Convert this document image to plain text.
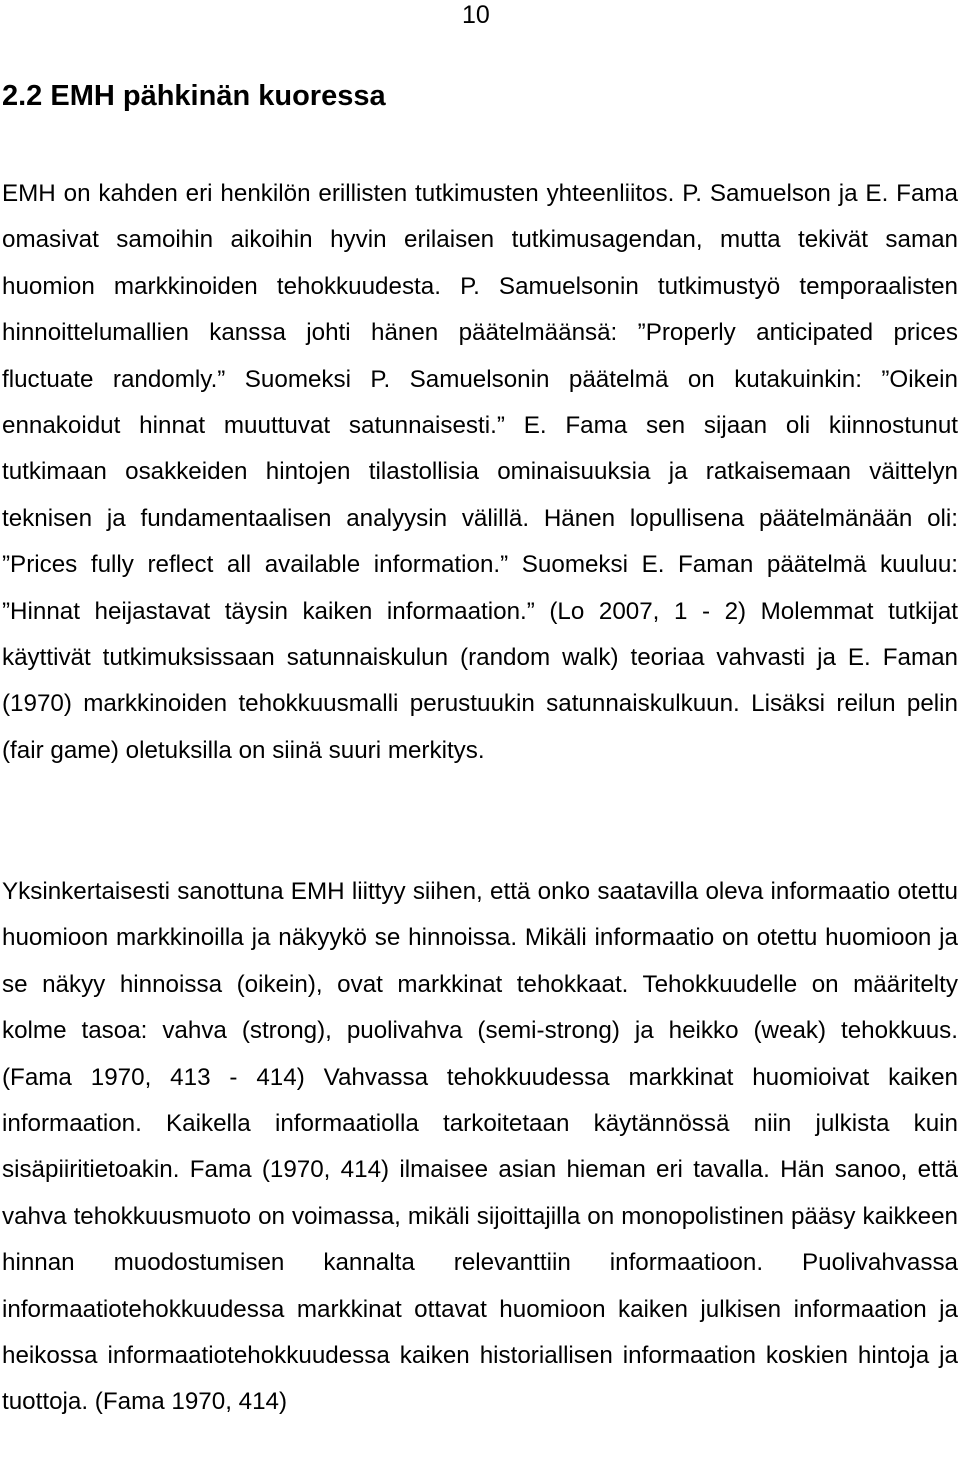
10
2.2 EMH pähkinän kuoressa

EMH on kahden eri henkilön erillisten tutkimusten yhteenliitos. P. Samuelson ja E. Fama omasivat samoihin aikoihin hyvin erilaisen tutkimusagendan, mutta tekivät saman huomion markkinoiden tehokkuudesta. P. Samuelsonin tutkimustyö temporaalisten hinnoittelumallien kanssa johti hänen päätelmäänsä: ”Properly anticipated prices fluctuate randomly.” Suomeksi P. Samuelsonin päätelmä on kutakuinkin: ”Oikein ennakoidut hinnat muuttuvat satunnaisesti.” E. Fama sen sijaan oli kiinnostunut tutkimaan osakkeiden hintojen tilastollisia ominaisuuksia ja ratkaisemaan väittelyn teknisen ja fundamentaalisen analyysin välillä. Hänen lopullisena päätelmänään oli: ”Prices fully reflect all available information.” Suomeksi E. Faman päätelmä kuuluu: ”Hinnat heijastavat täysin kaiken informaation.” (Lo 2007, 1 - 2) Molemmat tutkijat käyttivät tutkimuksissaan satunnaiskulun (random walk) teoriaa vahvasti ja E. Faman (1970) markkinoiden tehokkuusmalli perustuukin satunnaiskulkuun. Lisäksi reilun pelin (fair game) oletuksilla on siinä suuri merkitys.

Yksinkertaisesti sanottuna EMH liittyy siihen, että onko saatavilla oleva informaatio otettu huomioon markkinoilla ja näkyykö se hinnoissa. Mikäli informaatio on otettu huomioon ja se näkyy hinnoissa (oikein), ovat markkinat tehokkaat. Tehokkuudelle on määritelty kolme tasoa: vahva (strong), puolivahva (semi-strong) ja heikko (weak) tehokkuus. (Fama 1970, 413 - 414) Vahvassa tehokkuudessa markkinat huomioivat kaiken informaation. Kaikella informaatiolla tarkoitetaan käytännössä niin julkista kuin sisäpiiritietoakin. Fama (1970, 414) ilmaisee asian hieman eri tavalla. Hän sanoo, että vahva tehokkuusmuoto on voimassa, mikäli sijoittajilla on monopolistinen pääsy kaikkeen hinnan muodostumisen kannalta relevanttiin informaatioon. Puolivahvassa informaatiotehokkuudessa markkinat ottavat huomioon kaiken julkisen informaation ja heikossa informaatiotehokkuudessa kaiken historiallisen informaation koskien hintoja ja tuottoja. (Fama 1970, 414)
